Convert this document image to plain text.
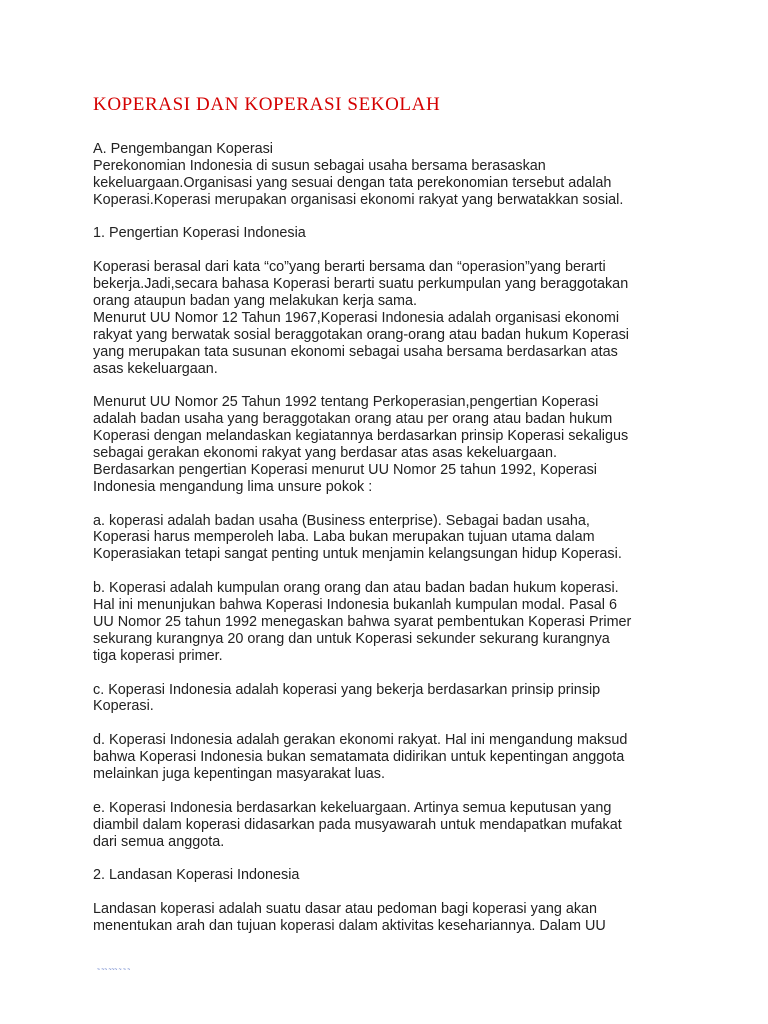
KOPERASI DAN KOPERASI SEKOLAH
A. Pengembangan Koperasi
Perekonomian Indonesia di susun sebagai usaha bersama berasaskan
kekeluargaan.Organisasi yang sesuai dengan tata perekonomian tersebut adalah
Koperasi.Koperasi merupakan organisasi ekonomi rakyat yang berwatakkan sosial.
1. Pengertian Koperasi Indonesia
Koperasi berasal dari kata “co”yang berarti bersama dan “operasion”yang berarti
bekerja.Jadi,secara bahasa Koperasi berarti suatu perkumpulan yang beraggotakan
orang ataupun badan yang melakukan kerja sama.
Menurut UU Nomor 12 Tahun 1967,Koperasi Indonesia adalah organisasi ekonomi
rakyat yang berwatak sosial beraggotakan orang-orang atau badan hukum Koperasi
yang merupakan tata susunan ekonomi sebagai usaha bersama berdasarkan atas
asas kekeluargaan.
Menurut UU Nomor 25 Tahun 1992 tentang Perkoperasian,pengertian Koperasi
adalah badan usaha yang beraggotakan orang atau per orang atau badan hukum
Koperasi dengan melandaskan kegiatannya berdasarkan prinsip Koperasi sekaligus
sebagai gerakan ekonomi rakyat yang berdasar atas asas kekeluargaan.
Berdasarkan pengertian Koperasi menurut UU Nomor 25 tahun 1992, Koperasi
Indonesia mengandung lima unsure pokok :
a. koperasi adalah badan usaha (Business enterprise). Sebagai badan usaha,
Koperasi harus memperoleh laba. Laba bukan merupakan tujuan utama dalam
Koperasiakan tetapi sangat penting untuk menjamin kelangsungan hidup Koperasi.
b. Koperasi adalah kumpulan orang orang dan atau badan badan hukum koperasi.
Hal ini menunjukan bahwa Koperasi Indonesia bukanlah kumpulan modal. Pasal 6
UU Nomor 25 tahun 1992 menegaskan bahwa syarat pembentukan Koperasi Primer
sekurang kurangnya 20 orang dan untuk Koperasi sekunder sekurang kurangnya
tiga koperasi primer.
c. Koperasi Indonesia adalah koperasi yang bekerja berdasarkan prinsip prinsip
Koperasi.
d. Koperasi Indonesia adalah gerakan ekonomi rakyat. Hal ini mengandung maksud
bahwa Koperasi Indonesia bukan sematamata didirikan untuk kepentingan anggota
melainkan juga kepentingan masyarakat luas.
e. Koperasi Indonesia berdasarkan kekeluargaan. Artinya semua keputusan yang
diambil dalam koperasi didasarkan pada musyawarah untuk mendapatkan mufakat
dari semua anggota.
2. Landasan Koperasi Indonesia
Landasan koperasi adalah suatu dasar atau pedoman bagi koperasi yang akan
menentukan arah dan tujuan koperasi dalam aktivitas kesehariannya. Dalam UU
~ ~~ ~~~ ~ ~ ~
